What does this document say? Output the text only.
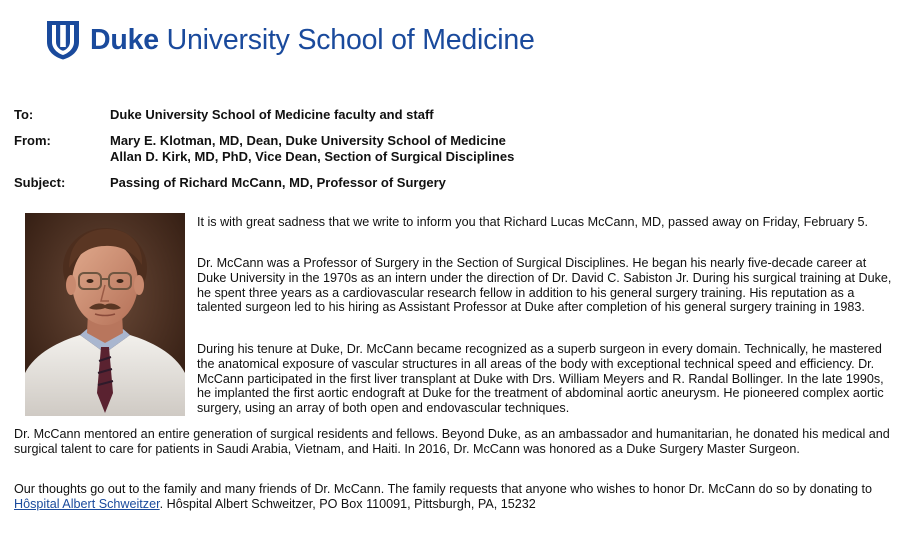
Duke University School of Medicine
To:	Duke University School of Medicine faculty and staff
From:	Mary E. Klotman, MD, Dean, Duke University School of Medicine
Allan D. Kirk, MD, PhD, Vice Dean, Section of Surgical Disciplines
Subject:	Passing of Richard McCann, MD, Professor of Surgery

It is with great sadness that we write to inform you that Richard Lucas McCann, MD, passed away on Friday, February 5.

Dr. McCann was a Professor of Surgery in the Section of Surgical Disciplines. He began his nearly five-decade career at Duke University in the 1970s as an intern under the direction of Dr. David C. Sabiston Jr. During his surgical training at Duke, he spent three years as a cardiovascular research fellow in addition to his general surgery training. His reputation as a talented surgeon led to his hiring as Assistant Professor at Duke after completion of his general surgery training in 1983.

During his tenure at Duke, Dr. McCann became recognized as a superb surgeon in every domain. Technically, he mastered the anatomical exposure of vascular structures in all areas of the body with exceptional technical speed and efficiency. Dr. McCann participated in the first liver transplant at Duke with Drs. William Meyers and R. Randal Bollinger. In the late 1990s, he implanted the first aortic endograft at Duke for the treatment of abdominal aortic aneurysm. He pioneered complex aortic surgery, using an array of both open and endovascular techniques.

Dr. McCann mentored an entire generation of surgical residents and fellows. Beyond Duke, as an ambassador and humanitarian, he donated his medical and surgical talent to care for patients in Saudi Arabia, Vietnam, and Haiti. In 2016, Dr. McCann was honored as a Duke Surgery Master Surgeon.

Our thoughts go out to the family and many friends of Dr. McCann. The family requests that anyone who wishes to honor Dr. McCann do so by donating to Hôspital Albert Schweitzer. Hôspital Albert Schweitzer, PO Box 110091, Pittsburgh, PA, 15232
